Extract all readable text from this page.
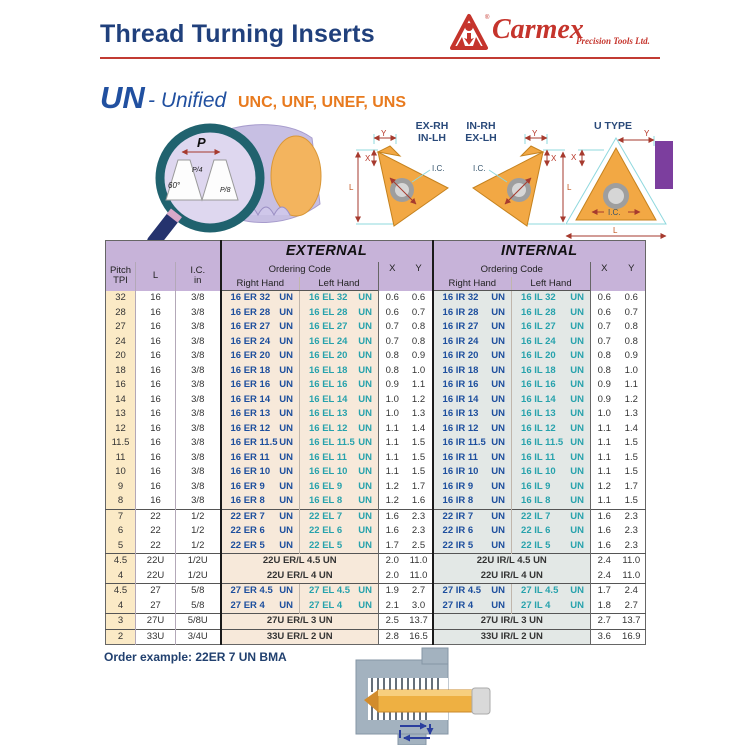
Thread Turning Inserts
® Carmex
Precision Tools Ltd.
UN - Unified UNC, UNF, UNEF, UNS
P
P/4
P/8
60°
EX-RH
IN-LH
Y
X
L
I.C.
IN-RH
EX-LH	Y
X
L
I.C.
U TYPE
X
Y
I.C.
L
			EXTERNAL				INTERNAL			

Pitch
TPI	L	I.C.
in
	Ordering Code	X	Y	Ordering Code	X	Y
			Right Hand	Left Hand			Right Hand	Left Hand		
32	16	3/8	16 ER 32 UN	16 EL 32 UN	0.6	0.6	16 IR 32 UN	16 IL 32 UN	0.6	0.6
28	16	3/8	16 ER 28 UN	16 EL 28 UN	0.6	0.7	16 IR 28 UN	16 IL 28 UN	0.6	0.7
27	16	3/8	16 ER 27 UN	16 EL 27 UN	0.7	0.8	16 IR 27 UN	16 IL 27 UN	0.7	0.8
24	16	3/8	16 ER 24 UN	16 EL 24 UN	0.7	0.8	16 IR 24 UN	16 IL 24 UN	0.7	0.8
20	16	3/8	16 ER 20 UN	16 EL 20 UN	0.8	0.9	16 IR 20 UN	16 IL 20 UN	0.8	0.9
18	16	3/8	16 ER 18 UN	16 EL 18 UN	0.8	1.0	16 IR 18 UN	16 IL 18 UN	0.8	1.0
16	16	3/8	16 ER 16 UN	16 EL 16 UN	0.9	1.1	16 IR 16 UN	16 IL 16 UN	0.9	1.1
14	16	3/8	16 ER 14 UN	16 EL 14 UN	1.0	1.2	16 IR 14 UN	16 IL 14 UN	0.9	1.2
13	16	3/8	16 ER 13 UN	16 EL 13 UN	1.0	1.3	16 IR 13 UN	16 IL 13 UN	1.0	1.3
12	16	3/8	16 ER 12 UN	16 EL 12 UN	1.1	1.4	16 IR 12 UN	16 IL 12 UN	1.1	1.4
11.5	16	3/8	16 ER 11.5 UN	16 EL 11.5 UN	1.1	1.5	16 IR 11.5 UN	16 IL 11.5 UN	1.1	1.5
11	16	3/8	16 ER 11 UN	16 EL 11 UN	1.1	1.5	16 IR 11 UN	16 IL 11 UN	1.1	1.5
10	16	3/8	16 ER 10 UN	16 EL 10 UN	1.1	1.5	16 IR 10 UN	16 IL 10 UN	1.1	1.5
9	16	3/8	16 ER 9 UN	16 EL 9 UN	1.2	1.7	16 IR 9 UN	16 IL 9 UN	1.2	1.7
8	16	3/8	16 ER 8 UN	16 EL 8 UN	1.2	1.6	16 IR 8 UN	16 IL 8 UN	1.1	1.5
7	22	1/2	22 ER 7 UN	22 EL 7 UN	1.6	2.3	22 IR 7 UN	22 IL 7 UN	1.6	2.3
6	22	1/2	22 ER 6 UN	22 EL 6 UN	1.6	2.3	22 IR 6 UN	22 IL 6 UN	1.6	2.3
5	22	1/2	22 ER 5 UN	22 EL 5 UN	1.7	2.5	22 IR 5 UN	22 IL 5 UN	1.6	2.3
4.5	22U	1/2U	22U ER/L 4.5 UN		2.0	11.0	22U IR/L 4.5 UN		2.4	11.0
4	22U	1/2U	22U ER/L 4 UN		2.0	11.0	22U IR/L 4 UN		2.4	11.0
4.5	27	5/8	27 ER 4.5 UN	27 EL 4.5 UN	1.9	2.7	27 IR 4.5 UN	27 IL 4.5 UN	1.7	2.4
4	27	5/8	27 ER 4 UN	27 EL 4 UN	2.1	3.0	27 IR 4 UN	27 IL 4 UN	1.8	2.7
3	27U	5/8U	27U ER/L 3 UN		2.5	13.7	27U IR/L 3 UN		2.7	13.7
2	33U	3/4U	33U ER/L 2 UN		2.8	16.5	33U IR/L 2 UN		3.6	16.9
Order example: 22ER 7 UN BMA
